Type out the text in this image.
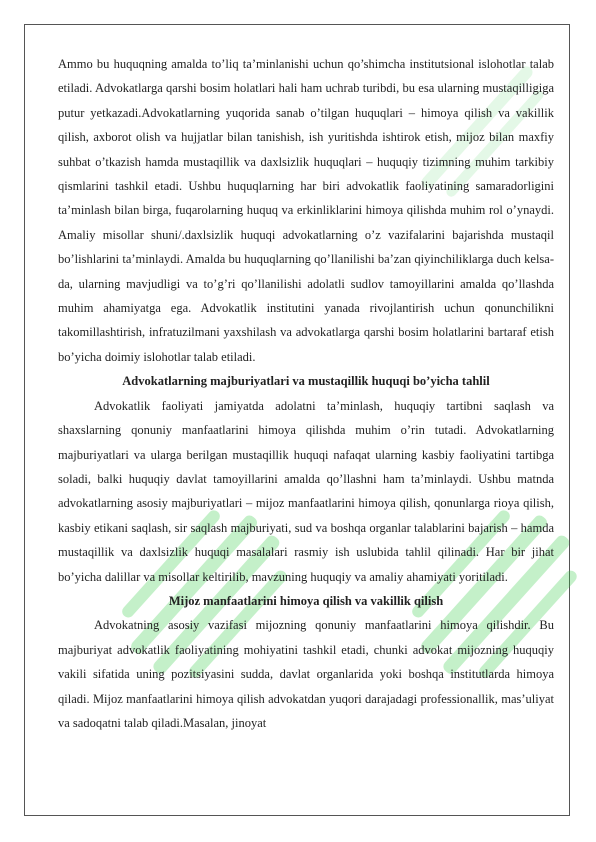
Ammo bu huquqning amalda to’liq ta’minlanishi uchun qo’shimcha institutsional islohotlar talab etiladi. Advokatlarga qarshi bosim holatlari hali ham uchrab turibdi, bu esa ularning mustaqilligiga putur yetkazadi.Advokatlarning yuqorida sanab o’tilgan huquqlari – himoya qilish va vakillik qilish, axborot olish va hujjatlar bilan tanishish, ish yuritishda ishtirok etish, mijoz bilan maxfiy suhbat o’tkazish hamda mustaqillik va daxlsizlik huquqlari – huquqiy tizimning muhim tarkibiy qismlarini tashkil etadi. Ushbu huquqlarning har biri advokatlik faoliyatining samaradorligini ta’minlash bilan birga, fuqarolarning huquq va erkinliklarini himoya qilishda muhim rol o’ynaydi. Amaliy misollar shuni/.daxlsizlik huquqi advokatlarning o’z vazifalarini bajarishda mustaqil bo’lishlarini ta’minlaydi. Amalda bu huquqlarning qo’llanilishi ba’zan qiyinchiliklarga duch kelsa-da, ularning mavjudligi va to’g’ri qo’llanilishi adolatli sudlov tamoyillarini amalda qo’llashda muhim ahamiyatga ega. Advokatlik institutini yanada rivojlantirish uchun qonunchilikni takomillashtirish, infratuzilmani yaxshilash va advokatlarga qarshi bosim holatlarini bartaraf etish bo’yicha doimiy islohotlar talab etiladi.

Advokatlarning majburiyatlari va mustaqillik huquqi bo’yicha tahlil

Advokatlik faoliyati jamiyatda adolatni ta’minlash, huquqiy tartibni saqlash va shaxslarning qonuniy manfaatlarini himoya qilishda muhim o’rin tutadi. Advokatlarning majburiyatlari va ularga berilgan mustaqillik huquqi nafaqat ularning kasbiy faoliyatini tartibga soladi, balki huquqiy davlat tamoyillarini amalda qo’llashni ham ta’minlaydi. Ushbu matnda advokatlarning asosiy majburiyatlari – mijoz manfaatlarini himoya qilish, qonunlarga rioya qilish, kasbiy etikani saqlash, sir saqlash majburiyati, sud va boshqa organlar talablarini bajarish – hamda mustaqillik va daxlsizlik huquqi masalalari rasmiy ish uslubida tahlil qilinadi. Har bir jihat bo’yicha dalillar va misollar keltirilib, mavzuning huquqiy va amaliy ahamiyati yoritiladi.

Mijoz manfaatlarini himoya qilish va vakillik qilish

Advokatning asosiy vazifasi mijozning qonuniy manfaatlarini himoya qilishdir. Bu majburiyat advokatlik faoliyatining mohiyatini tashkil etadi, chunki advokat mijozning huquqiy vakili sifatida uning pozitsiyasini sudda, davlat organlarida yoki boshqa institutlarda himoya qiladi. Mijoz manfaatlarini himoya qilish advokatdan yuqori darajadagi professionallik, mas’uliyat va sadoqatni talab qiladi.Masalan, jinoyat
